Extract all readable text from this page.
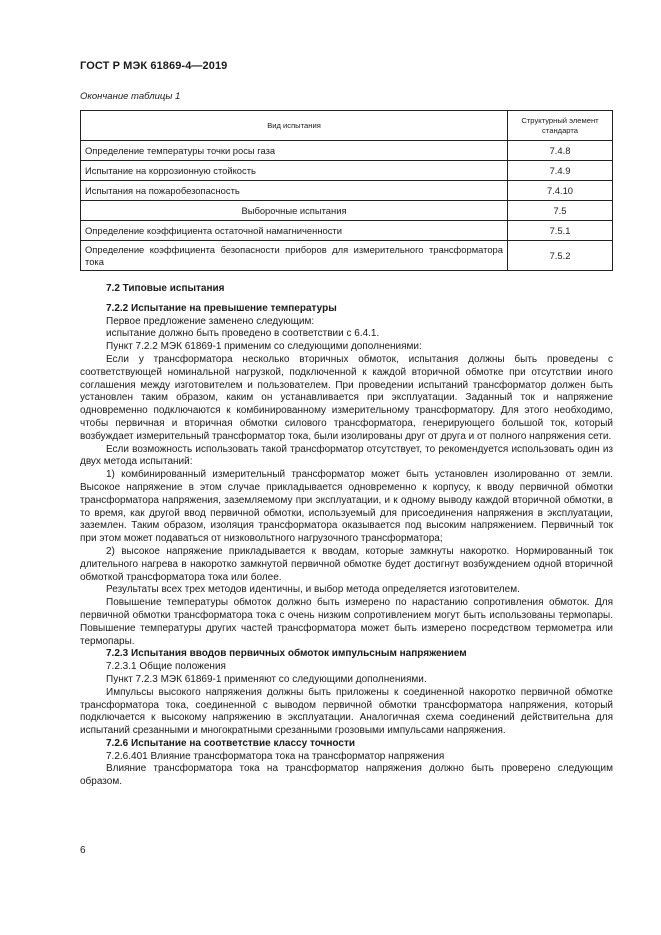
ГОСТ Р МЭК 61869-4—2019
Окончание таблицы 1
Вид испытания	Структурный элемент стандарта
Определение температуры точки росы газа	7.4.8
Испытание на коррозионную стойкость	7.4.9
Испытания на пожаробезопасность	7.4.10
Выборочные испытания	7.5
Определение коэффициента остаточной намагниченности	7.5.1
Определение коэффициента безопасности приборов для измерительного трансформатора тока	7.5.2

7.2 Типовые испытания

7.2.2 Испытание на превышение температуры

Первое предложение заменено следующим:

испытание должно быть проведено в соответствии с 6.4.1.

Пункт 7.2.2 МЭК 61869-1 применим со следующими дополнениями:

Если у трансформатора несколько вторичных обмоток, испытания должны быть проведены с соответствующей номинальной нагрузкой, подключенной к каждой вторичной обмотке при отсутствии иного соглашения между изготовителем и пользователем. При проведении испытаний трансформатор должен быть установлен таким образом, каким он устанавливается при эксплуатации. Заданный ток и напряжение одновременно подключаются к комбинированному измерительному трансформатору. Для этого необходимо, чтобы первичная и вторичная обмотки силового трансформатора, генерирующего большой ток, который возбуждает измерительный трансформатор тока, были изолированы друг от друга и от полного напряжения сети.

Если возможность использовать такой трансформатор отсутствует, то рекомендуется использовать один из двух метода испытаний:

1) комбинированный измерительный трансформатор может быть установлен изолированно от земли. Высокое напряжение в этом случае прикладывается одновременно к корпусу, к вводу первичной обмотки трансформатора напряжения, заземляемому при эксплуатации, и к одному выводу каждой вторичной обмотки, в то время, как другой ввод первичной обмотки, используемый для присоединения напряжения в эксплуатации, заземлен. Таким образом, изоляция трансформатора оказывается под высоким напряжением. Первичный ток при этом может подаваться от низковольтного нагрузочного трансформатора;

2) высокое напряжение прикладывается к вводам, которые замкнуты накоротко. Нормированный ток длительного нагрева в накоротко замкнутой первичной обмотке будет достигнут возбуждением одной вторичной обмоткой трансформатора тока или более.

Результаты всех трех методов идентичны, и выбор метода определяется изготовителем.

Повышение температуры обмоток должно быть измерено по нарастанию сопротивления обмоток. Для первичной обмотки трансформатора тока с очень низким сопротивлением могут быть использованы термопары. Повышение температуры других частей трансформатора может быть измерено посредством термометра или термопары.

7.2.3 Испытания вводов первичных обмоток импульсным напряжением

7.2.3.1 Общие положения

Пункт 7.2.3 МЭК 61869-1 применяют со следующими дополнениями.

Импульсы высокого напряжения должны быть приложены к соединенной накоротко первичной обмотке трансформатора тока, соединенной с выводом первичной обмотки трансформатора напряжения, который подключается к высокому напряжению в эксплуатации. Аналогичная схема соединений действительна для испытаний срезанными и многократными срезанными грозовыми импульсами напряжения.

7.2.6 Испытание на соответствие классу точности

7.2.6.401 Влияние трансформатора тока на трансформатор напряжения

Влияние трансформатора тока на трансформатор напряжения должно быть проверено следующим образом.

6
